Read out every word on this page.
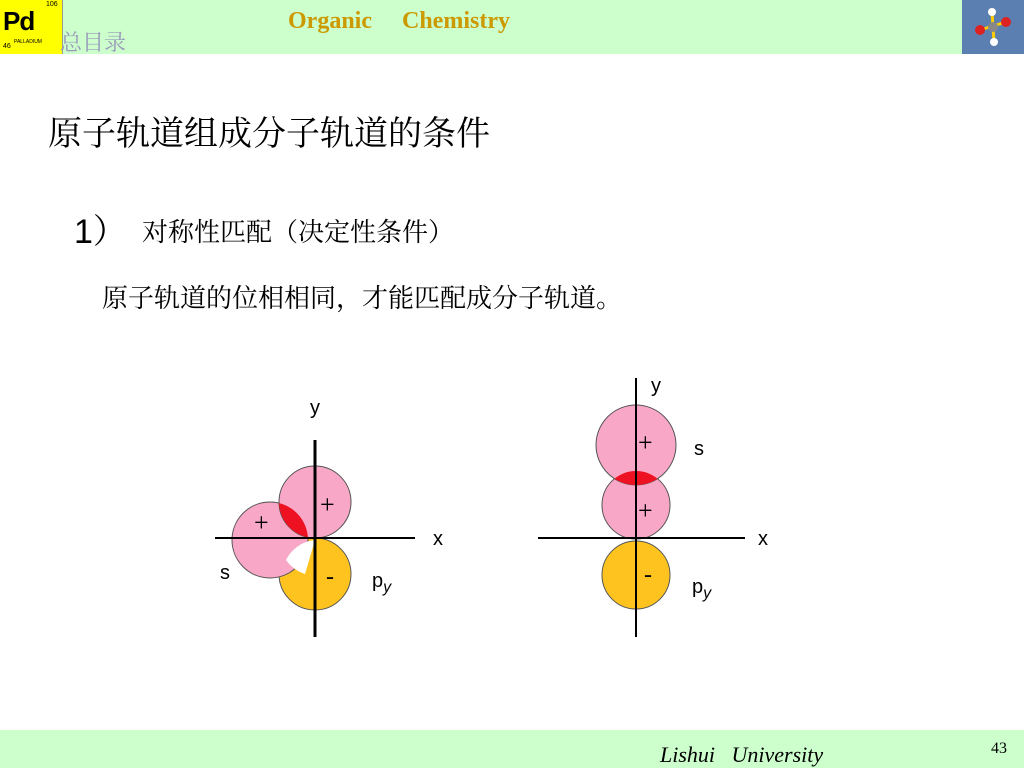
Pd
106
PALLADIUM
46 总目录
Organic     Chemistry
原子轨道组成分子轨道的条件
1） 对称性匹配（决定性条件）
原子轨道的位相相同，才能匹配成分子轨道。
y
x
+
+
-
s	$p_y$
y
x
+
+
-
s
$p_y$
Lishui   University	43
